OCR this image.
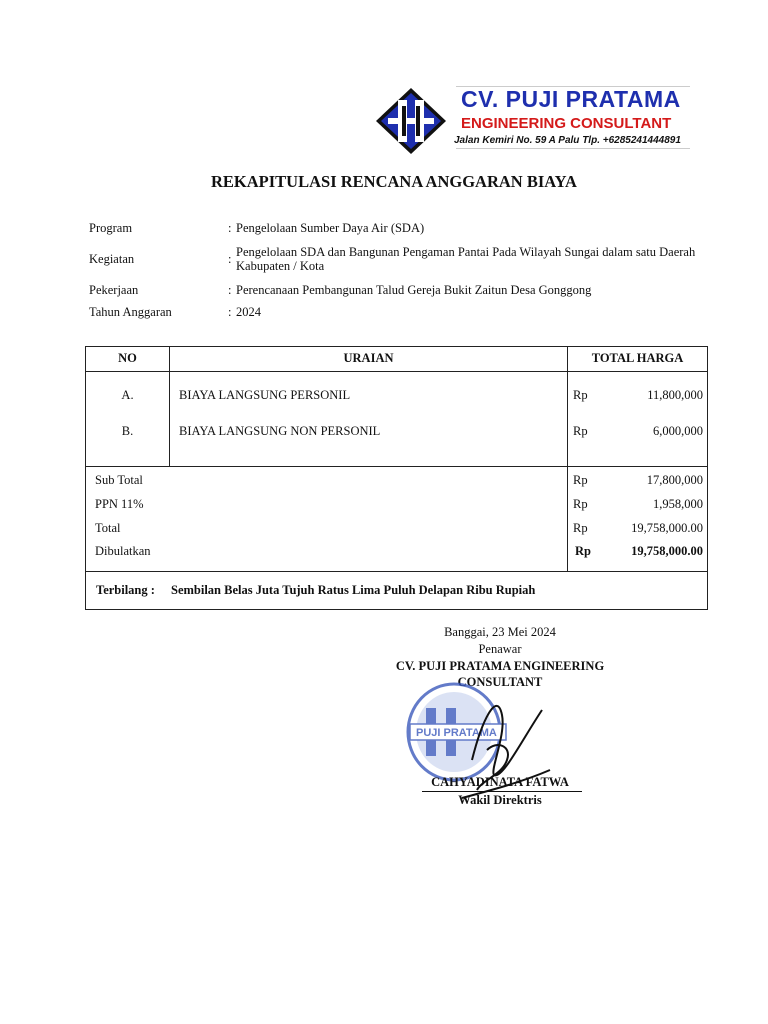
CV. PUJI PRATAMA
ENGINEERING CONSULTANT
Jalan Kemiri No. 59 A Palu Tlp. +6285241444891
REKAPITULASI RENCANA ANGGARAN BIAYA
Program	: Pengelolaan Sumber Daya Air (SDA)
Kegiatan	: Pengelolaan SDA dan Bangunan Pengaman Pantai Pada Wilayah Sungai dalam satu Daerah Kabupaten / Kota
Pekerjaan	: Perencanaan Pembangunan Talud Gereja Bukit Zaitun Desa Gonggong
Tahun Anggaran	: 2024
NO	URAIAN	TOTAL HARGA
A.	BIAYA LANGSUNG PERSONIL	Rp	11,800,000
B.	BIAYA LANGSUNG NON PERSONIL	Rp	6,000,000
Sub Total	Rp	17,800,000
PPN 11%	Rp	1,958,000
Total	Rp	19,758,000.00
Dibulatkan	Rp	19,758,000.00
Terbilang : Sembilan Belas Juta Tujuh Ratus Lima Puluh Delapan Ribu Rupiah
Banggai, 23 Mei 2024
Penawar
CV. PUJI PRATAMA ENGINEERING
CONSULTANT
PUJI PRATAMA
CAHYADINATA FATWA
Wakil Direktris
